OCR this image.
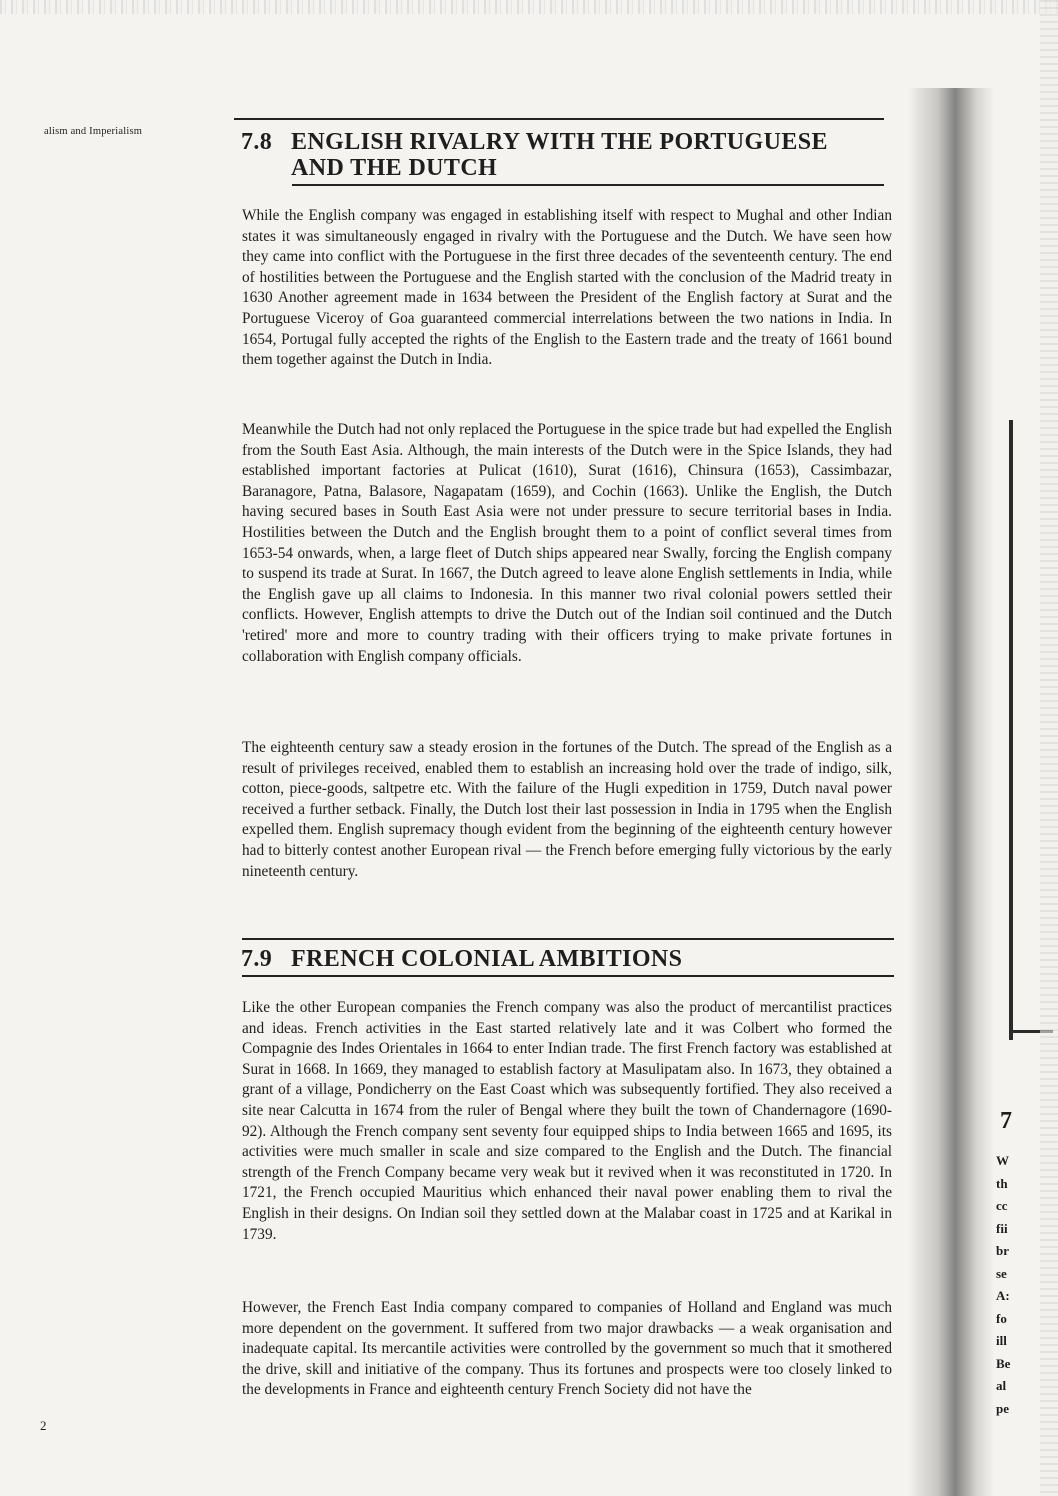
alism and Imperialism	7.8 ENGLISH RIVALRY WITH THE PORTUGUESE
AND THE DUTCH

While the English company was engaged in establishing itself with respect to Mughal and other Indian states it was simultaneously engaged in rivalry with the Portuguese and the Dutch. We have seen how they came into conflict with the Portuguese in the first three decades of the seventeenth century. The end of hostilities between the Portuguese and the English started with the conclusion of the Madrid treaty in 1630 Another agreement made in 1634 between the President of the English factory at Surat and the Portuguese Viceroy of Goa guaranteed commercial interrelations between the two nations in India. In 1654, Portugal fully accepted the rights of the English to the Eastern trade and the treaty of 1661 bound them together against the Dutch in India.

Meanwhile the Dutch had not only replaced the Portuguese in the spice trade but had expelled the English from the South East Asia. Although, the main interests of the Dutch were in the Spice Islands, they had established important factories at Pulicat (1610), Surat (1616), Chinsura (1653), Cassimbazar, Baranagore, Patna, Balasore, Nagapatam (1659), and Cochin (1663). Unlike the English, the Dutch having secured bases in South East Asia were not under pressure to secure territorial bases in India. Hostilities between the Dutch and the English brought them to a point of conflict several times from 1653-54 onwards, when, a large fleet of Dutch ships appeared near Swally, forcing the English company to suspend its trade at Surat. In 1667, the Dutch agreed to leave alone English settlements in India, while the English gave up all claims to Indonesia. In this manner two rival colonial powers settled their conflicts. However, English attempts to drive the Dutch out of the Indian soil continued and the Dutch 'retired' more and more to country trading with their officers trying to make private fortunes in collaboration with English company officials.

The eighteenth century saw a steady erosion in the fortunes of the Dutch. The spread of the English as a result of privileges received, enabled them to establish an increasing hold over the trade of indigo, silk, cotton, piece-goods, saltpetre etc. With the failure of the Hugli expedition in 1759, Dutch naval power received a further setback. Finally, the Dutch lost their last possession in India in 1795 when the English expelled them. English supremacy though evident from the beginning of the eighteenth century however had to bitterly contest another European rival — the French before emerging fully victorious by the early nineteenth century.

7.9 FRENCH COLONIAL AMBITIONS

Like the other European companies the French company was also the product of mercantilist practices and ideas. French activities in the East started relatively late and it was Colbert who formed the Compagnie des Indes Orientales in 1664 to enter Indian trade. The first French factory was established at Surat in 1668. In 1669, they managed to establish factory at Masulipatam also. In 1673, they obtained a grant of a village, Pondicherry on the East Coast which was subsequently fortified. They also received a site near Calcutta in 1674 from the ruler of Bengal where they built the town of Chandernagore (1690-92). Although the French company sent seventy four equipped ships to India between 1665 and 1695, its activities were much smaller in scale and size compared to the English and the Dutch. The financial strength of the French Company became very weak but it revived when it was reconstituted in 1720. In 1721, the French occupied Mauritius which enhanced their naval power enabling them to rival the English in their designs. On Indian soil they settled down at the Malabar coast in 1725 and at Karikal in 1739.

However, the French East India company compared to companies of Holland and England was much more dependent on the government. It suffered from two major drawbacks — a weak organisation and inadequate capital. Its mercantile activities were controlled by the government so much that it smothered the drive, skill and initiative of the company. Thus its fortunes and prospects were too closely linked to the developments in France and eighteenth century French Society did not have the

7
W
th
cc
fii
br
se
A:
fo
ill
Be
al
pe
2
